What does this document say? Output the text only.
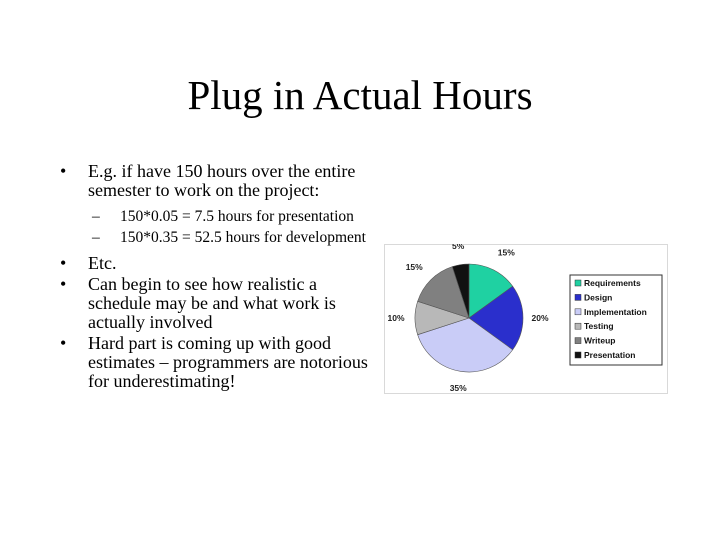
Plug in Actual Hours
• E.g. if have 150 hours over the entire semester to work on the project:
– 150*0.05 = 7.5 hours for presentation
– 150*0.35 = 52.5 hours for development
• Etc.
• Can begin to see how realistic a schedule may be and what work is actually involved
• Hard part is coming up with good estimates – programmers are notorious for underestimating!
15%
20%
35%
10%
15%
5%
Requirements
Design
Implementation
Testing
Writeup
Presentation
